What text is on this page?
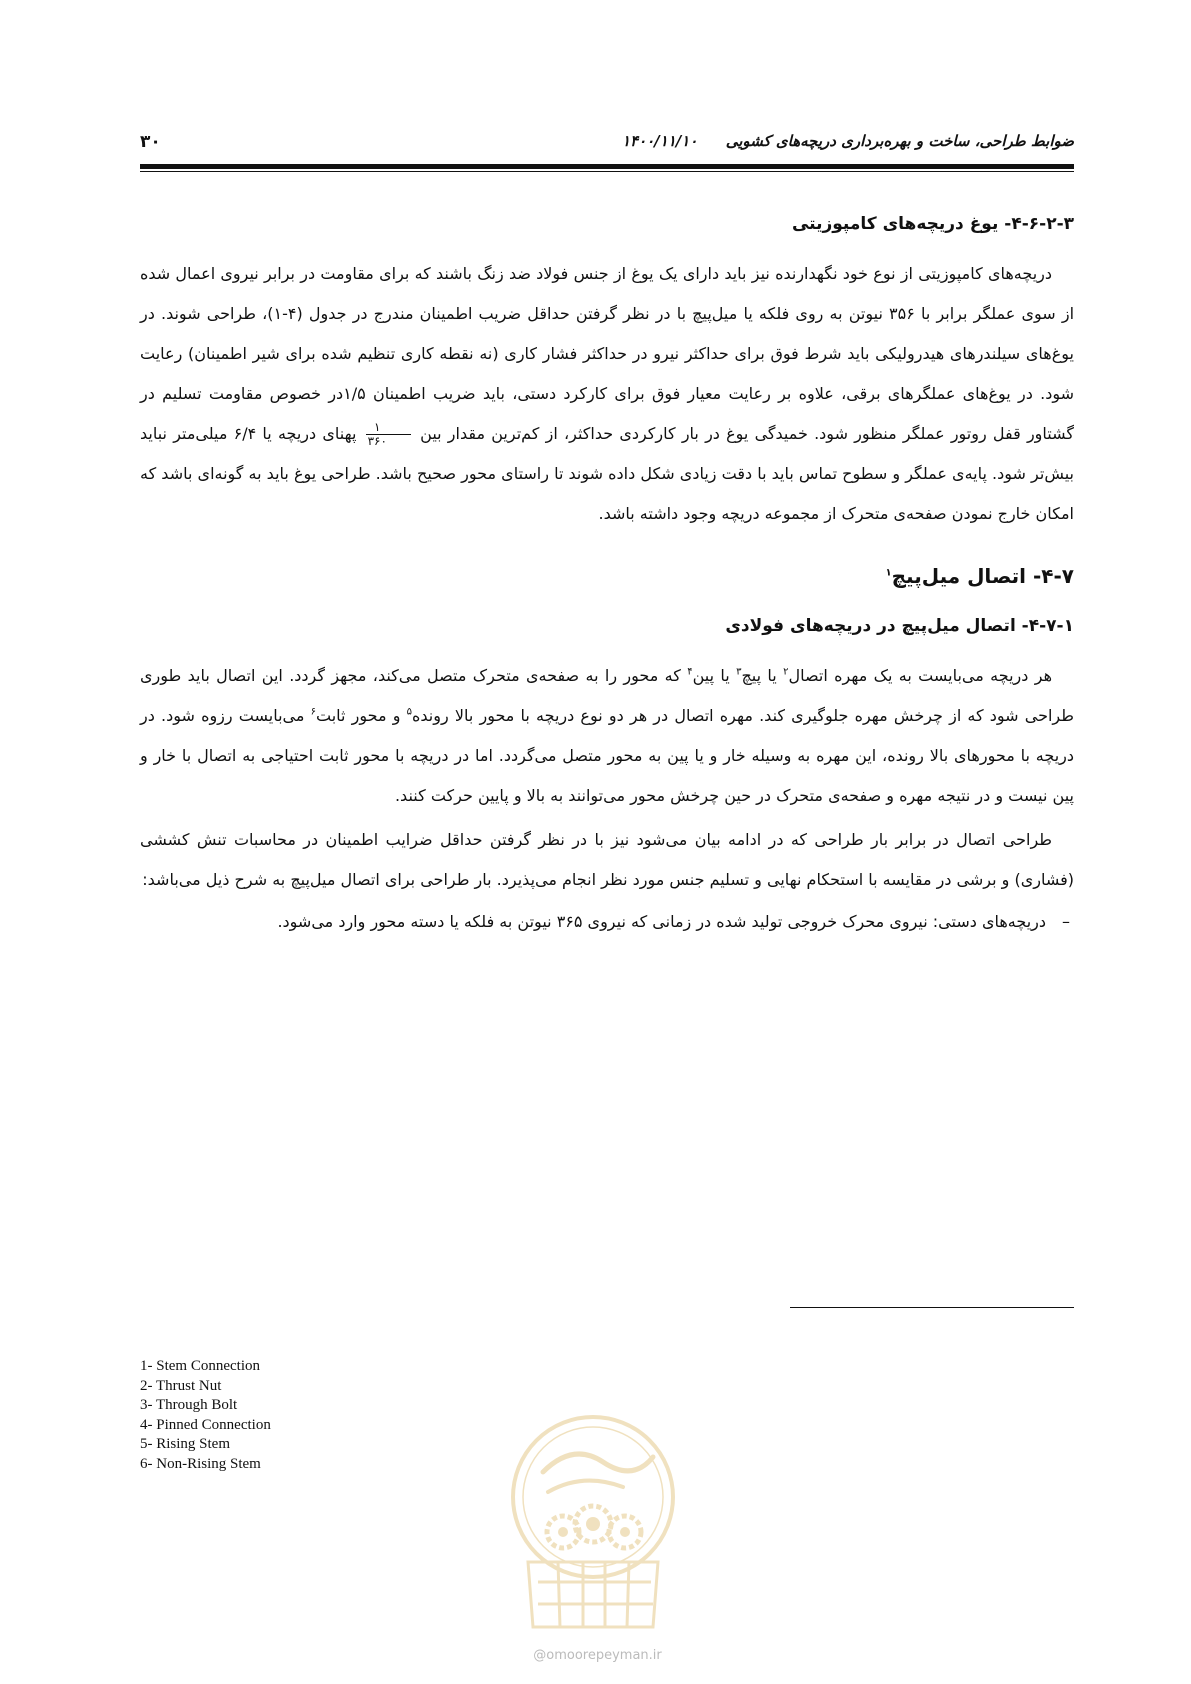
۳۰	۱۴۰۰/۱۱/۱۰ ضوابط طراحی، ساخت و بهره‌برداری دریچه‌های کشویی
۴-۶-۲-۳- یوغ دریچه‌های کامپوزیتی

دریچه‌های کامپوزیتی از نوع خود نگهدارنده نیز باید دارای یک یوغ از جنس فولاد ضد زنگ باشند که برای مقاومت در برابر نیروی اعمال شده از سوی عملگر برابر با ۳۵۶ نیوتن به روی فلکه یا میل‌پیچ با در نظر گرفتن حداقل ضریب اطمینان مندرج در جدول (۴-۱)، طراحی شوند. در یوغ‌های سیلندرهای هیدرولیکی باید شرط فوق برای حداکثر نیرو در حداکثر فشار کاری (نه نقطه کاری تنظیم شده برای شیر اطمینان) رعایت شود. در یوغ‌های عملگرهای برقی، علاوه بر رعایت معیار فوق برای کارکرد دستی، باید ضریب اطمینان ۱/۵در خصوص مقاومت تسلیم در گشتاور قفل روتور عملگر منظور شود. خمیدگی یوغ در بار کارکردی حداکثر، از کم‌ترین مقدار بین
$\frac{۱}{۳۶۰}$
پهنای دریچه یا ۶/۴ میلی‌متر نباید بیش‌تر شود. پایه‌ی عملگر و سطوح تماس باید با دقت زیادی شکل داده شوند تا راستای محور صحیح باشد. طراحی یوغ باید به گونه‌ای باشد که امکان خارج نمودن صفحه‌ی متحرک از مجموعه دریچه وجود داشته باشد.

۴-۷- اتصال میل‌پیچ$^۱$
۴-۷-۱- اتصال میل‌پیچ در دریچه‌های فولادی

هر دریچه می‌بایست به یک مهره اتصال$^۲$ یا پیچ$^۳$ یا پین$^۴$ که محور را به صفحه‌ی متحرک متصل می‌کند، مجهز گردد. این اتصال باید طوری طراحی شود که از چرخش مهره جلوگیری کند. مهره اتصال در هر دو نوع دریچه با محور بالا رونده$^۵$ و محور ثابت$^۶$ می‌بایست رزوه شود. در دریچه با محورهای بالا رونده، این مهره به وسیله خار و یا پین به محور متصل می‌گردد. اما در دریچه با محور ثابت احتیاجی به اتصال با خار و پین نیست و در نتیجه مهره و صفحه‌ی متحرک در حین چرخش محور می‌توانند به بالا و پایین حرکت کنند.

طراحی اتصال در برابر بار طراحی که در ادامه بیان می‌شود نیز با در نظر گرفتن حداقل ضرایب اطمینان در محاسبات تنش کششی (فشاری) و برشی در مقایسه با استحکام نهایی و تسلیم جنس مورد نظر انجام می‌پذیرد. بار طراحی برای اتصال میل‌پیچ به شرح ذیل می‌باشد:

–
دریچه‌های دستی: نیروی محرک خروجی تولید شده در زمانی که نیروی ۳۶۵ نیوتن به فلکه یا دسته محور وارد می‌شود.
1- Stem Connection
2- Thrust Nut
3- Through Bolt
4- Pinned Connection
5- Rising Stem
6- Non-Rising Stem
@omoorepeyman.ir
